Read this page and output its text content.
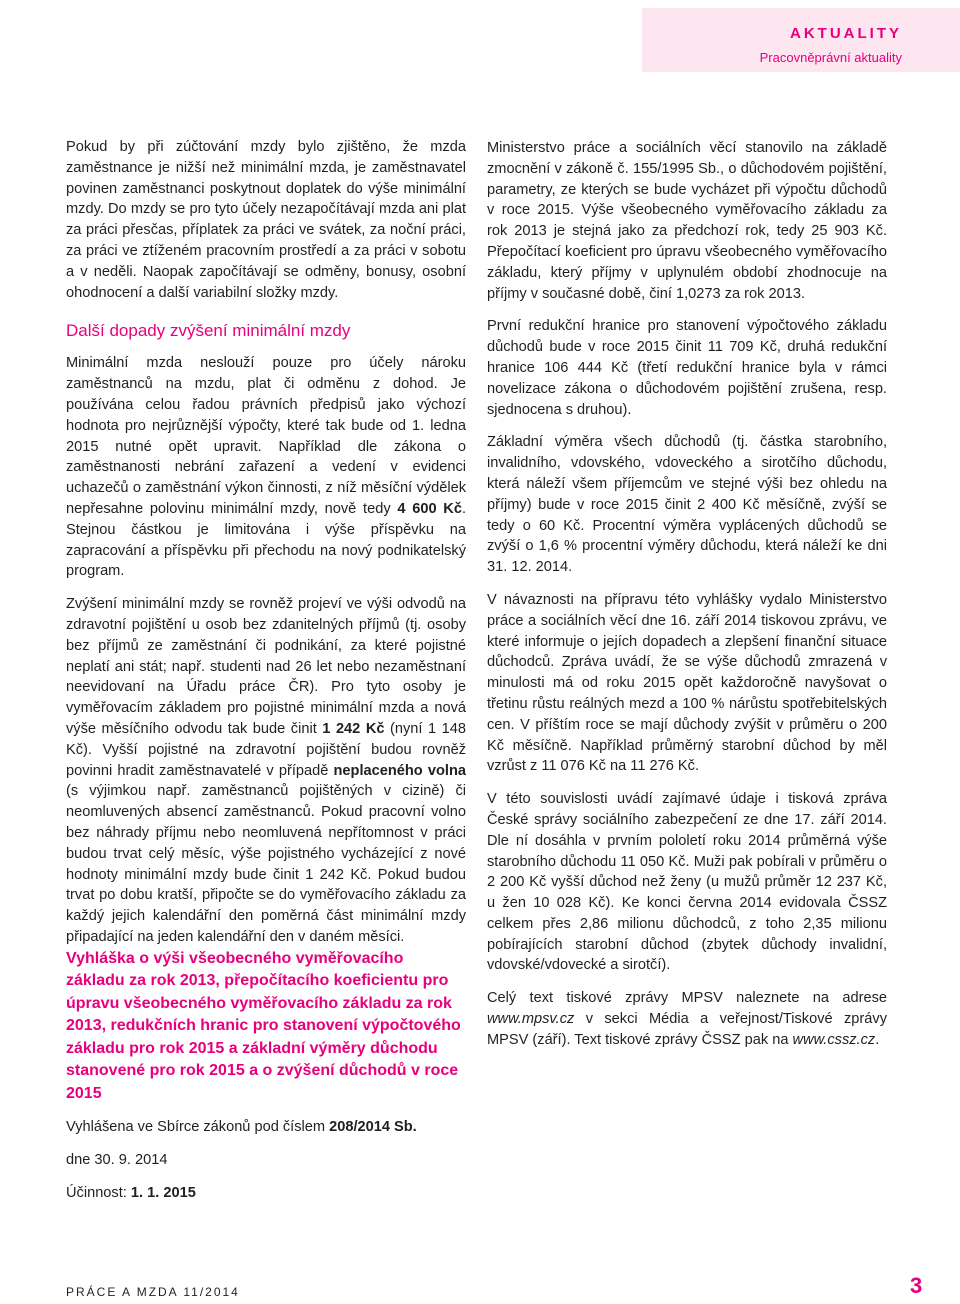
AKTUALITY
Pracovněprávní aktuality

Pokud by při zúčtování mzdy bylo zjištěno, že mzda zaměstnance je nižší než minimální mzda, je zaměstnavatel povinen zaměstnanci poskytnout doplatek do výše minimální mzdy. Do mzdy se pro tyto účely nezapočítávají mzda ani plat za práci přesčas, příplatek za práci ve svátek, za noční práci, za práci ve ztíženém pracovním prostředí a za práci v sobotu a v neděli. Naopak započítávají se odměny, bonusy, osobní ohodnocení a další variabilní složky mzdy.

Další dopady zvýšení minimální mzdy

Minimální mzda neslouží pouze pro účely nároku zaměstnanců na mzdu, plat či odměnu z dohod. Je používána celou řadou právních předpisů jako výchozí hodnota pro nejrůznější výpočty, které tak bude od 1. ledna 2015 nutné opět upravit. Například dle zákona o zaměstnanosti nebrání zařazení a vedení v evidenci uchazečů o zaměstnání výkon činnosti, z níž měsíční výdělek nepřesahne polovinu minimální mzdy, nově tedy 4 600 Kč. Stejnou částkou je limitována i výše příspěvku na zapracování a příspěvku při přechodu na nový podnikatelský program.

Zvýšení minimální mzdy se rovněž projeví ve výši odvodů na zdravotní pojištění u osob bez zdanitelných příjmů (tj. osoby bez příjmů ze zaměstnání či podnikání, za které pojistné neplatí ani stát; např. studenti nad 26 let nebo nezaměstnaní neevidovaní na Úřadu práce ČR). Pro tyto osoby je vyměřovacím základem pro pojistné minimální mzda a nová výše měsíčního odvodu tak bude činit 1 242 Kč (nyní 1 148 Kč). Vyšší pojistné na zdravotní pojištění budou rovněž povinni hradit zaměstnavatelé v případě neplaceného volna (s výjimkou např. zaměstnanců pojištěných v cizině) či neomluvených absencí zaměstnanců. Pokud pracovní volno bez náhrady příjmu nebo neomluvená nepřítomnost v práci budou trvat celý měsíc, výše pojistného vycházející z nové hodnoty minimální mzdy bude činit 1 242 Kč. Pokud budou trvat po dobu kratší, připočte se do vyměřovacího základu za každý jejich kalendářní den poměrná část minimální mzdy připadající na jeden kalendářní den v daném měsíci.

Vyhláška o výši všeobecného vyměřovacího základu za rok 2013, přepočítacího koeficientu pro úpravu všeobecného vyměřovacího základu za rok 2013, redukčních hranic pro stanovení výpočtového základu pro rok 2015 a základní výměry důchodu stanovené pro rok 2015 a o zvýšení důchodů v roce 2015

Vyhlášena ve Sbírce zákonů pod číslem 208/2014 Sb.

dne 30. 9. 2014

Účinnost: 1. 1. 2015

Ministerstvo práce a sociálních věcí stanovilo na základě zmocnění v zákoně č. 155/1995 Sb., o důchodovém pojištění, parametry, ze kterých se bude vycházet při výpočtu důchodů v roce 2015. Výše všeobecného vyměřovacího základu za rok 2013 je stejná jako za předchozí rok, tedy 25 903 Kč. Přepočítací koeficient pro úpravu všeobecného vyměřovacího základu, který příjmy v uplynulém období zhodnocuje na příjmy v současné době, činí 1,0273 za rok 2013.

První redukční hranice pro stanovení výpočtového základu důchodů bude v roce 2015 činit 11 709 Kč, druhá redukční hranice 106 444 Kč (třetí redukční hranice byla v rámci novelizace zákona o důchodovém pojištění zrušena, resp. sjednocena s druhou).

Základní výměra všech důchodů (tj. částka starobního, invalidního, vdovského, vdoveckého a sirotčího důchodu, která náleží všem příjemcům ve stejné výši bez ohledu na příjmy) bude v roce 2015 činit 2 400 Kč měsíčně, zvýší se tedy o 60 Kč. Procentní výměra vyplácených důchodů se zvýší o 1,6 % procentní výměry důchodu, která náleží ke dni 31. 12. 2014.

V návaznosti na přípravu této vyhlášky vydalo Ministerstvo práce a sociálních věcí dne 16. září 2014 tiskovou zprávu, ve které informuje o jejích dopadech a zlepšení finanční situace důchodců. Zpráva uvádí, že se výše důchodů zmrazená v minulosti má od roku 2015 opět každoročně navyšovat o třetinu růstu reálných mezd a 100 % nárůstu spotřebitelských cen. V příštím roce se mají důchody zvýšit v průměru o 200 Kč měsíčně. Například průměrný starobní důchod by měl vzrůst z 11 076 Kč na 11 276 Kč.

V této souvislosti uvádí zajímavé údaje i tisková zpráva České správy sociálního zabezpečení ze dne 17. září 2014. Dle ní dosáhla v prvním pololetí roku 2014 průměrná výše starobního důchodu 11 050 Kč. Muži pak pobírali v průměru o 2 200 Kč vyšší důchod než ženy (u mužů průměr 12 237 Kč, u žen 10 028 Kč). Ke konci června 2014 evidovala ČSSZ celkem přes 2,86 milionu důchodců, z toho 2,35 milionu pobírajících starobní důchod (zbytek důchody invalidní, vdovské/vdovecké a sirotčí).

Celý text tiskové zprávy MPSV naleznete na adrese www.mpsv.cz v sekci Média a veřejnost/Tiskové zprávy MPSV (září). Text tiskové zprávy ČSSZ pak na www.cssz.cz.

PRÁCE A MZDA 11/2014	3
